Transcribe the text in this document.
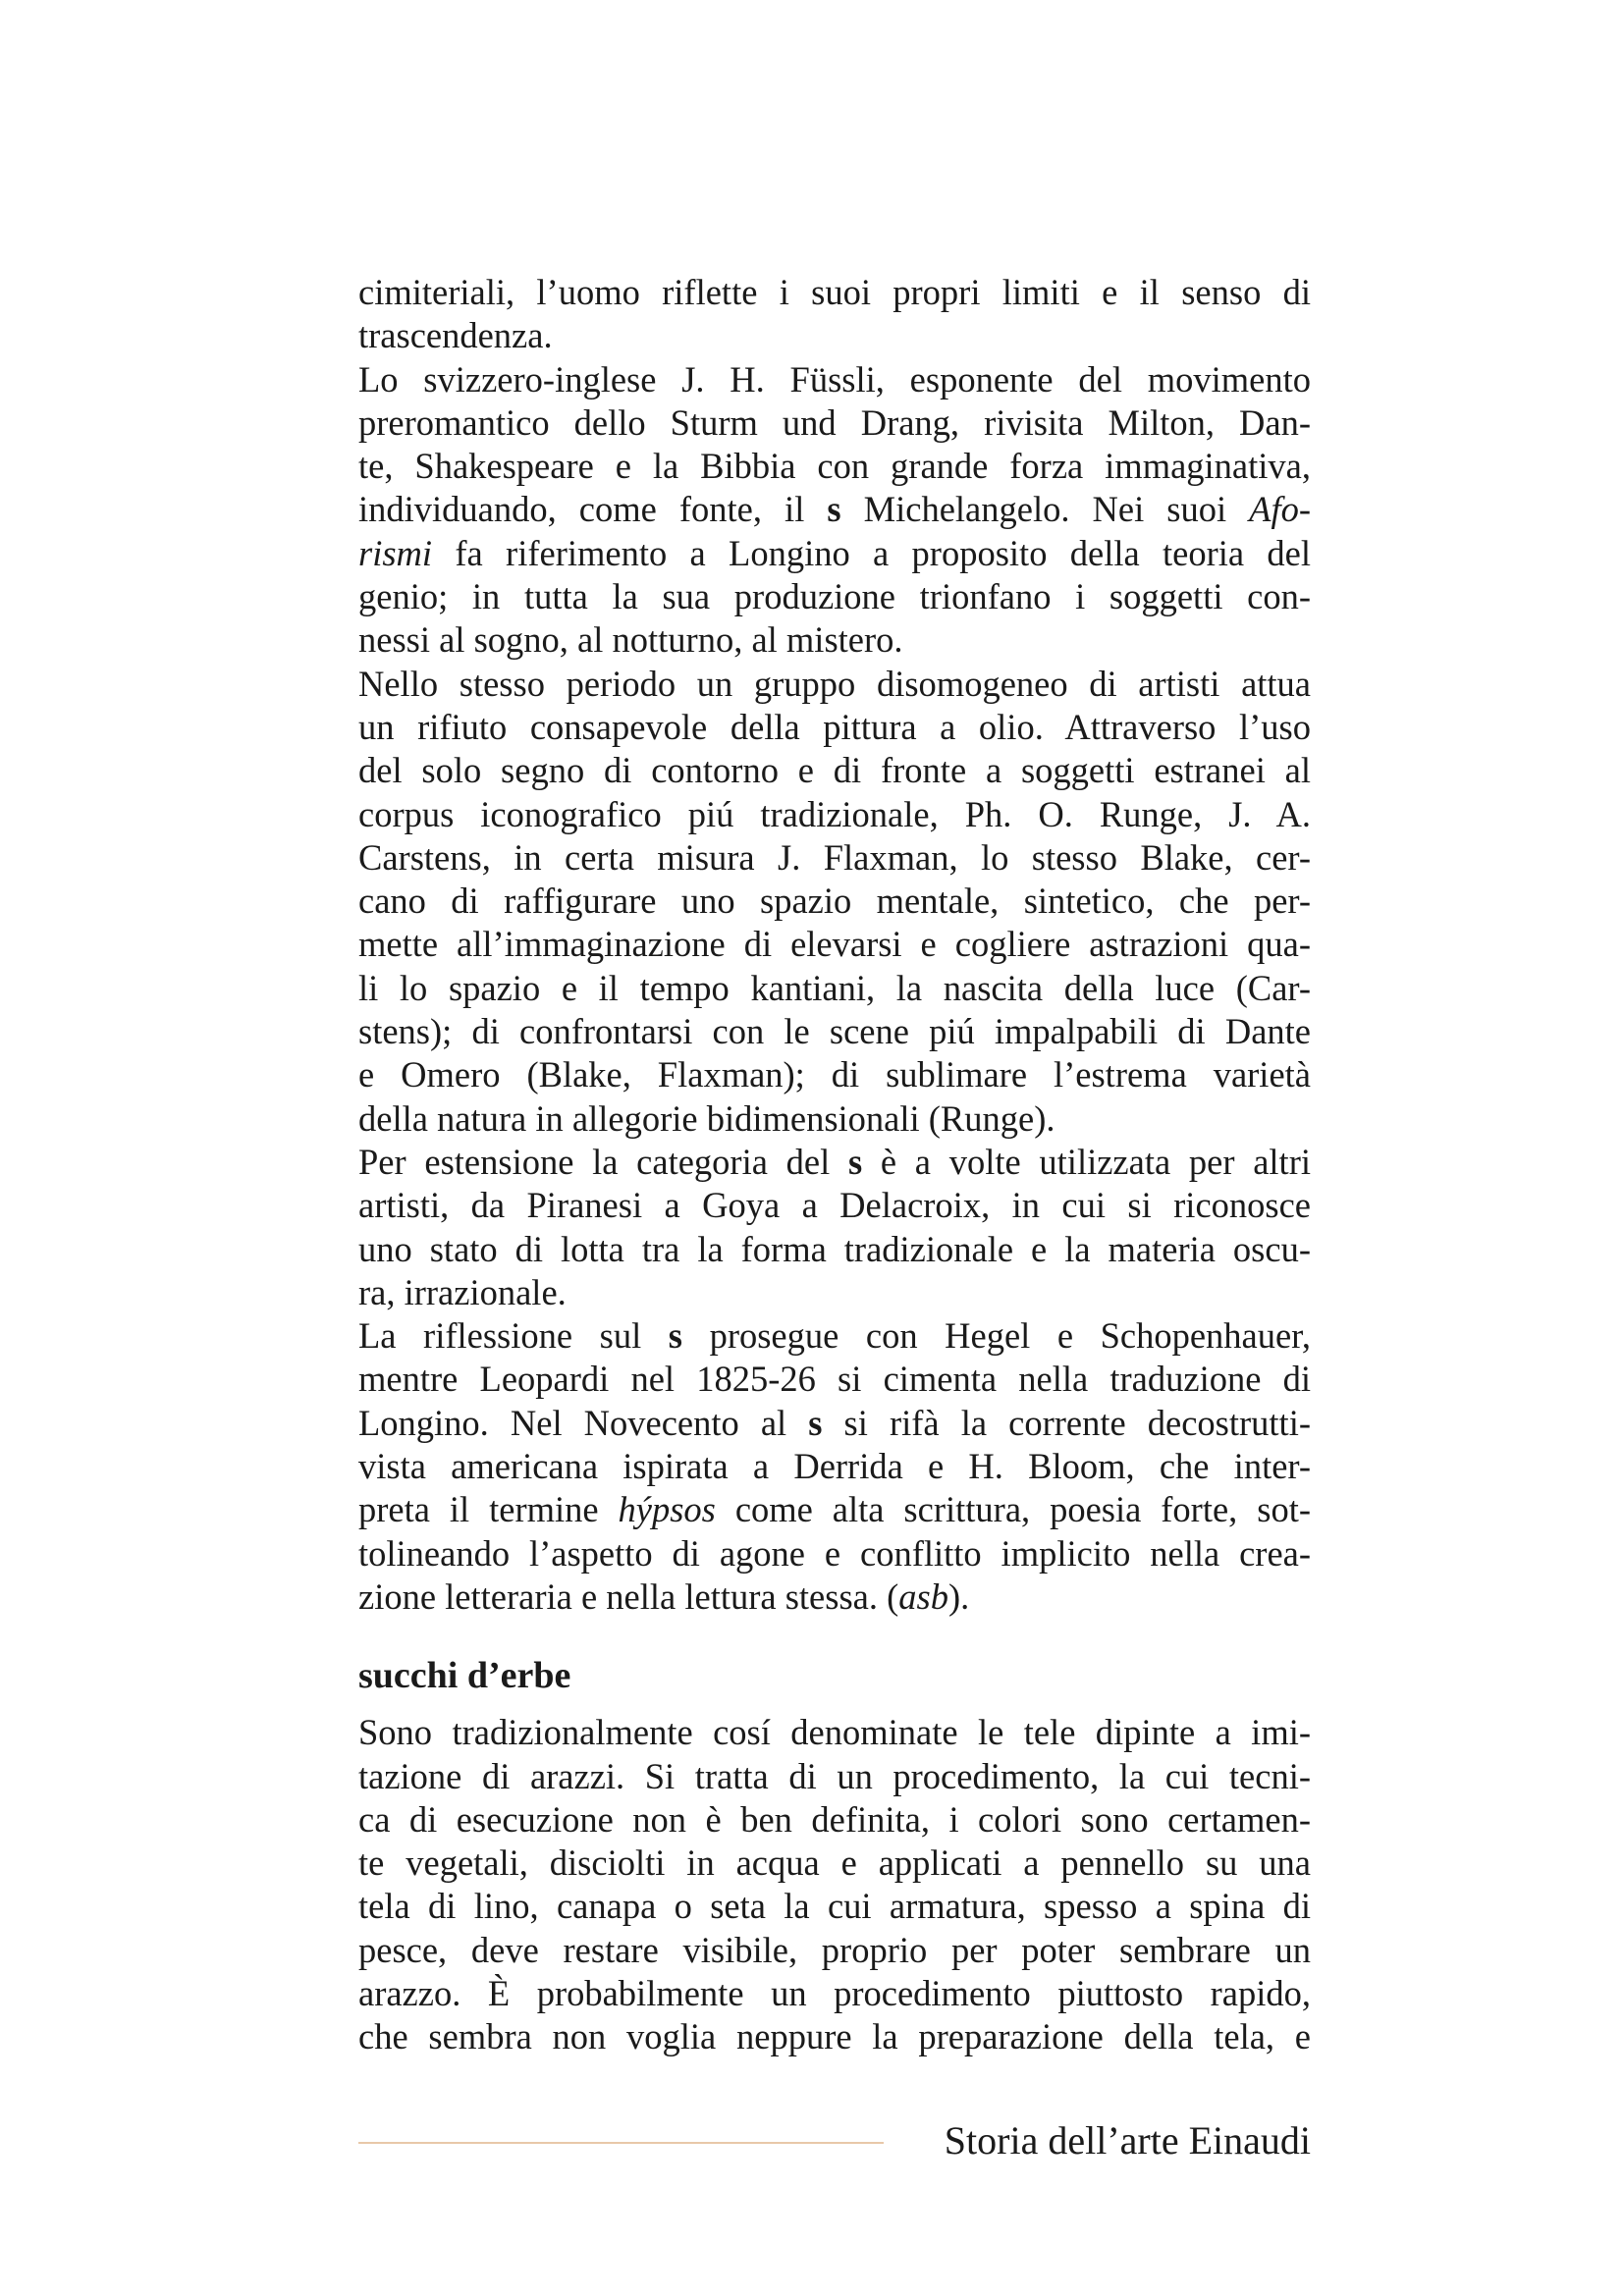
cimiteriali, l’uomo riflette i suoi propri limiti e il senso di
trascendenza.
Lo svizzero-inglese J. H. Füssli, esponente del movimento
preromantico dello Sturm und Drang, rivisita Milton, Dan-
te, Shakespeare e la Bibbia con grande forza immaginativa,
individuando, come fonte, il s Michelangelo. Nei suoi Afo-
rismi fa riferimento a Longino a proposito della teoria del
genio; in tutta la sua produzione trionfano i soggetti con-
nessi al sogno, al notturno, al mistero.
Nello stesso periodo un gruppo disomogeneo di artisti attua
un rifiuto consapevole della pittura a olio. Attraverso l’uso
del solo segno di contorno e di fronte a soggetti estranei al
corpus iconografico piú tradizionale, Ph. O. Runge, J. A.
Carstens, in certa misura J. Flaxman, lo stesso Blake, cer-
cano di raffigurare uno spazio mentale, sintetico, che per-
mette all’immaginazione di elevarsi e cogliere astrazioni qua-
li lo spazio e il tempo kantiani, la nascita della luce (Car-
stens); di confrontarsi con le scene piú impalpabili di Dante
e Omero (Blake, Flaxman); di sublimare l’estrema varietà
della natura in allegorie bidimensionali (Runge).
Per estensione la categoria del s è a volte utilizzata per altri
artisti, da Piranesi a Goya a Delacroix, in cui si riconosce
uno stato di lotta tra la forma tradizionale e la materia oscu-
ra, irrazionale.
La riflessione sul s prosegue con Hegel e Schopenhauer,
mentre Leopardi nel 1825-26 si cimenta nella traduzione di
Longino. Nel Novecento al s si rifà la corrente decostrutti-
vista americana ispirata a Derrida e H. Bloom, che inter-
preta il termine hýpsos come alta scrittura, poesia forte, sot-
tolineando l’aspetto di agone e conflitto implicito nella crea-
zione letteraria e nella lettura stessa. (asb).
succhi d’erbe
Sono tradizionalmente cosí denominate le tele dipinte a imi-
tazione di arazzi. Si tratta di un procedimento, la cui tecni-
ca di esecuzione non è ben definita, i colori sono certamen-
te vegetali, disciolti in acqua e applicati a pennello su una
tela di lino, canapa o seta la cui armatura, spesso a spina di
pesce, deve restare visibile, proprio per poter sembrare un
arazzo. È probabilmente un procedimento piuttosto rapido,
che sembra non voglia neppure la preparazione della tela, e
Storia dell’arte Einaudi
